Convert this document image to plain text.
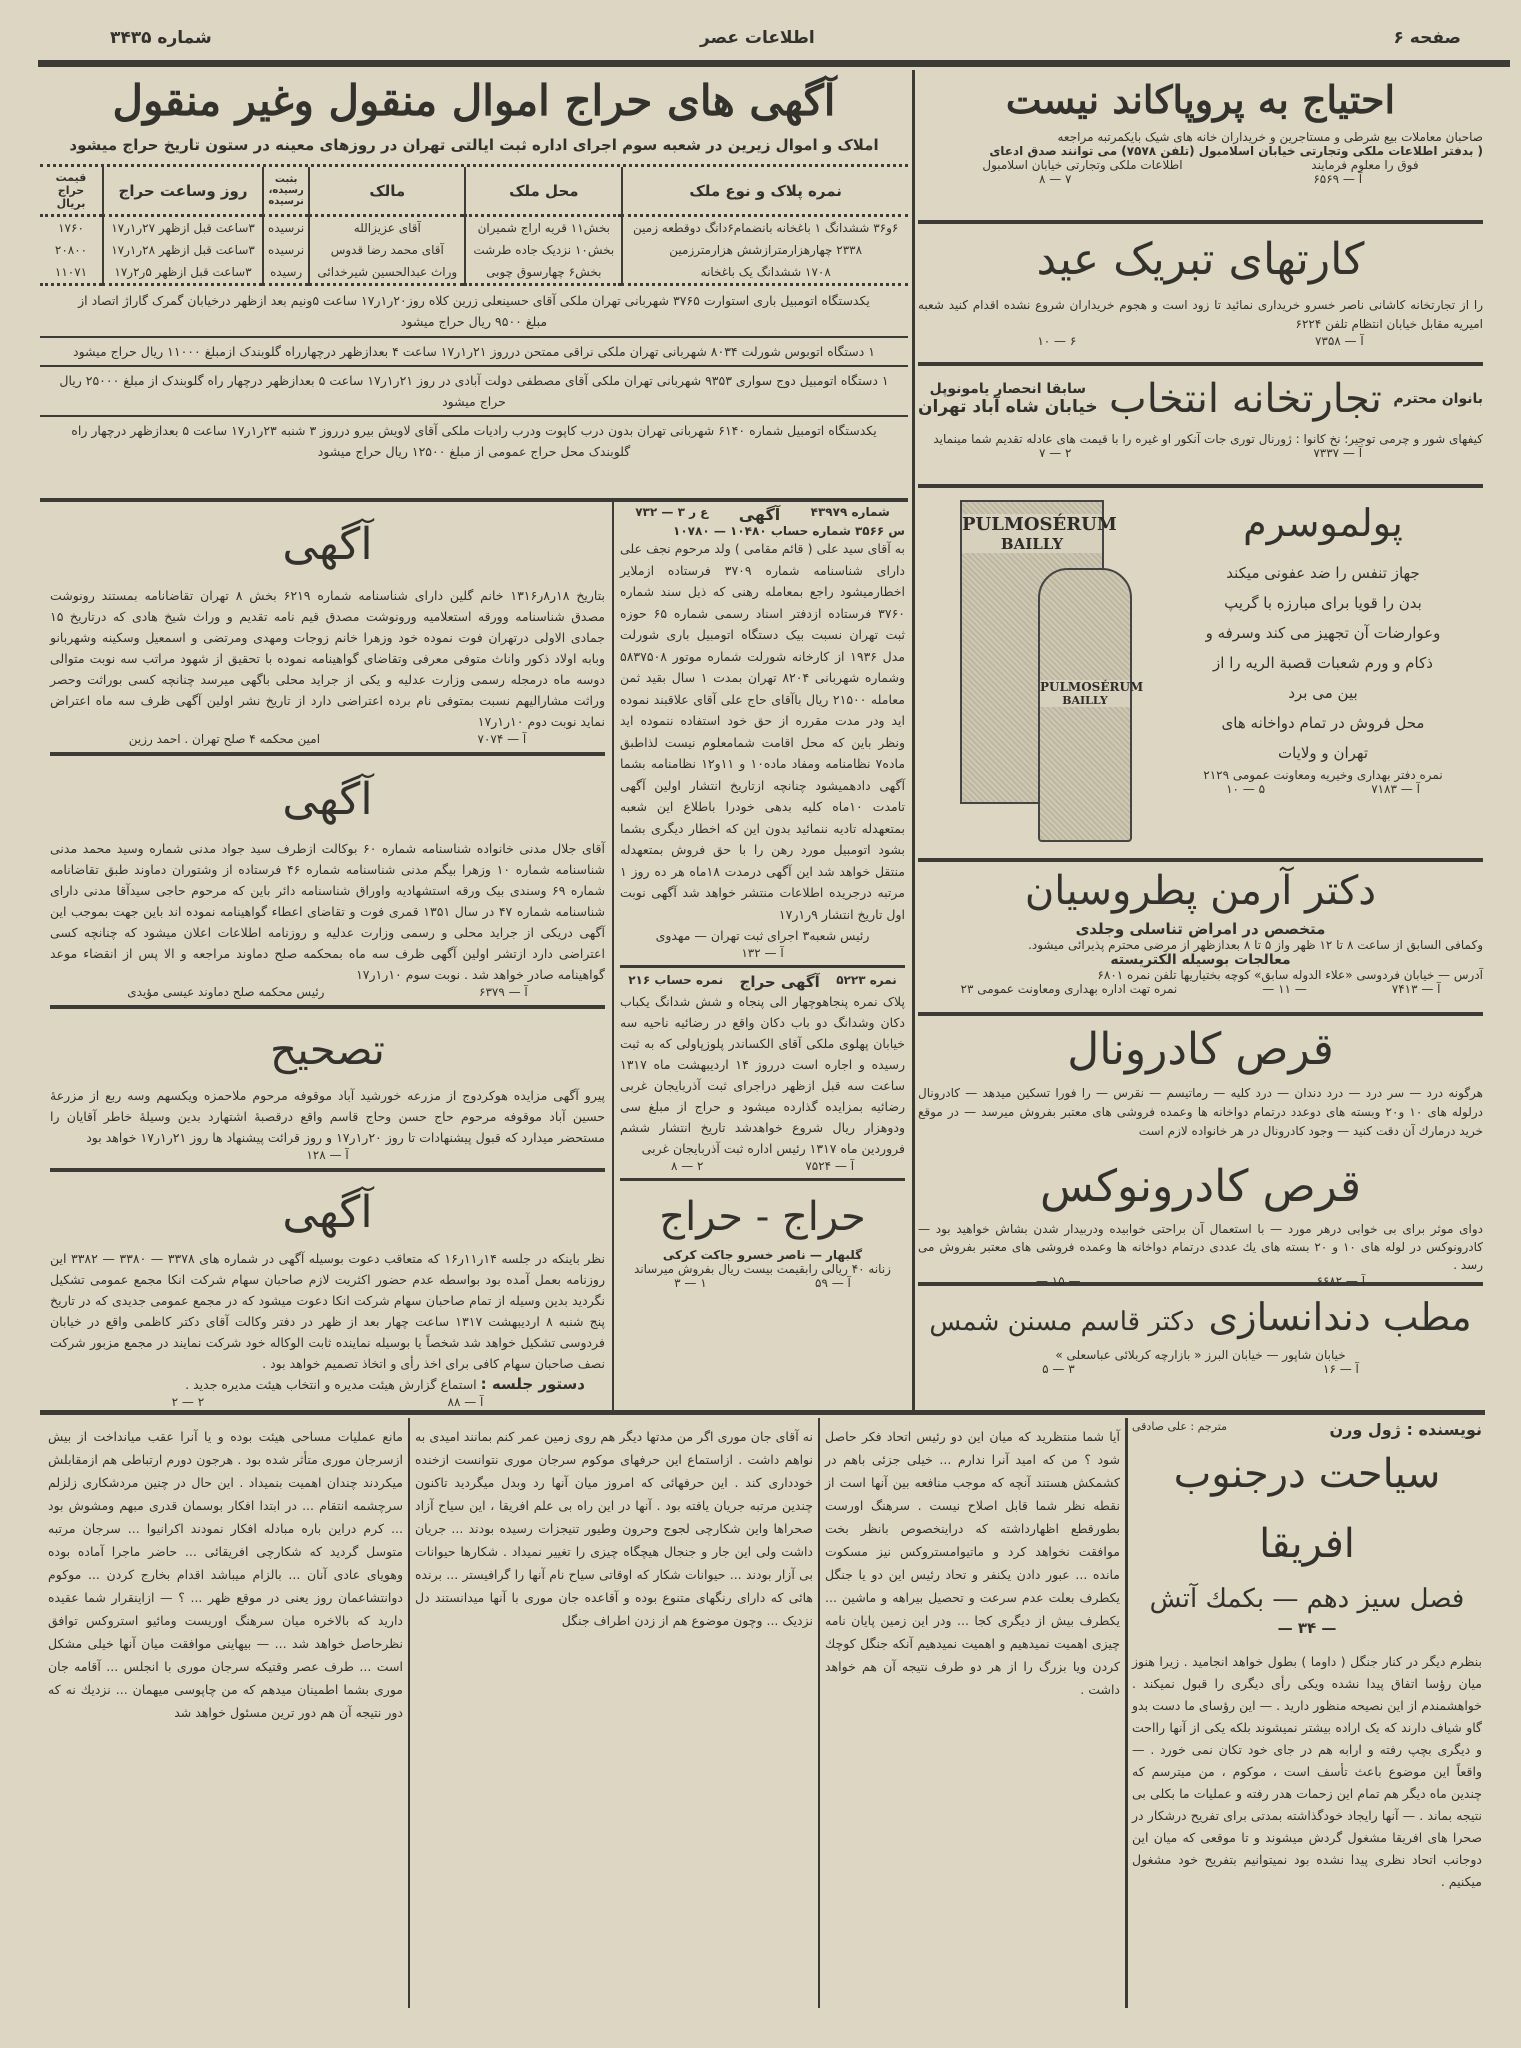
صفحه ۶
اطلاعات عصر
شماره ۳۴۳۵
آگهی های حراج اموال منقول وغیر منقول
املاک و اموال زیرین در شعبه سوم اجرای اداره ثبت ایالتی تهران در روزهای معینه در ستون تاریخ حراج میشود
نمره پلاک و نوع ملک	محل ملک	مالک	بثبت رسیده، نرسیده	روز وساعت حراج	قیمت حراج بریال
۶و۳۶ ششدانگ ۱ باغخانه بانضمام۶دانگ دوقطعه زمین	بخش۱۱ قریه اراج شمیران	آقای عزیزالله	نرسیده	۳ساعت قبل ازظهر ۲۷ر۱ر۱۷	۱۷۶۰
۲۳۳۸ چهارهزارمترازشش هزارمترزمین	بخش۱۰ نزدیک جاده طرشت	آقای محمد رضا قدوس	نرسیده	۳ساعت قبل ازظهر ۲۸ر۱ر۱۷	۲۰۸۰۰
۱۷۰۸ ششدانگ یک باغخانه	بخش۶ چهارسوق چوبی	وراث عبدالحسین شیرخدائی	رسیده	۳ساعت قبل ازظهر ۵ر۲ر۱۷	۱۱۰۷۱
یکدستگاه اتومبیل باری استوارت ۳۷۶۵ شهربانی تهران ملکی آقای حسینعلی زرین کلاه روز۲۰ر۱ر۱۷ ساعت ۵ونیم بعد ازظهر درخیابان گمرک گاراژ اتصاد از مبلغ ۹۵۰۰ ریال حراج میشود
۱ دستگاه اتوبوس شورلت ۸۰۳۴ شهربانی تهران ملکی نراقی ممتحن درروز ۲۱ر۱ر۱۷ ساعت ۴ بعدازظهر درچهارراه گلوبندک ازمبلغ ۱۱۰۰۰ ریال حراج میشود
۱ دستگاه اتومبیل دوج سواری ۹۳۵۳ شهربانی تهران ملکی آقای مصطفی دولت آبادی در روز ۲۱ر۱ر۱۷ ساعت ۵ بعدازظهر درچهار راه گلوبندک از مبلغ ۲۵۰۰۰ ریال حراج میشود
یکدستگاه اتومبیل شماره ۶۱۴۰ شهربانی تهران بدون درب کاپوت ودرب رادیات ملکی آقای لاویش بیرو درروز ۳ شنبه ۲۳ر۱ر۱۷ ساعت ۵ بعدازظهر درچهار راه گلوبندک محل حراج عمومی از مبلغ ۱۲۵۰۰ ریال حراج میشود
آگهی
بتاریخ ۱۸ر۸ر۱۳۱۶ خانم گلین دارای شناسنامه شماره ۶۲۱۹ بخش ۸ تهران تقاضانامه بمستند رونوشت مصدق شناسنامه وورقه استعلامیه ورونوشت مصدق قیم نامه تقدیم و وراث شیخ هادی که درتاریخ ۱۵ جمادی الاولی درتهران فوت نموده خود وزهرا خانم زوجات ومهدی ومرتضی و اسمعیل وسکینه وشهربانو وبابه اولاد ذکور واناث متوفی معرفی وتقاضای گواهینامه نموده با تحقیق از شهود مراتب سه نوبت متوالی دوسه ماه درمجله رسمی وزارت عدلیه و یکی از جراید محلی باگهی میرسد چنانچه کسی بوراثت وحصر وراثت مشارالیهم نسبت بمتوفی نام برده اعتراضی دارد از تاریخ نشر اولین آگهی ظرف سه ماه اعتراض نماید نوبت دوم ۱۰ر۱ر۱۷
آ — ۷۰۷۴
امین محکمه ۴ صلح تهران . احمد رزین
آگهی
آقای جلال مدنی خانواده شناسنامه شماره ۶۰ بوکالت ازطرف سید جواد مدنی شماره وسید محمد مدنی شناسنامه شماره ۱۰ وزهرا بیگم مدنی شناسنامه شماره ۴۶ فرستاده از وشتوران دماوند طبق تقاضانامه شماره ۶۹ وسندی بیک ورقه استشهادیه واوراق شناسنامه دائر باین که مرحوم حاجی سیدآقا مدنی دارای شناسنامه شماره ۴۷ در سال ۱۳۵۱ قمری فوت و تقاضای اعطاء گواهینامه نموده اند باین جهت بموجب این آگهی دریکی از جراید محلی و رسمی وزارت عدلیه و روزنامه اطلاعات اعلان میشود که چنانچه کسی اعتراضی دارد ازتشر اولین آگهی ظرف سه ماه بمحکمه صلح دماوند مراجعه و الا پس از انقضاء موعد گواهینامه صادر خواهد شد . نوبت سوم ۱۰ر۱ر۱۷
آ — ۶۳۷۹
رئیس محکمه صلح دماوند عیسی مؤیدی
تصحیح
پیرو آگهی مزایده هوکردوج از مزرعه خورشید آباد موقوفه مرحوم ملاحمزه ویکسهم وسه ربع از مزرعهٔ حسین آباد موقوفه مرحوم حاج حسن وحاج قاسم واقع درقصبهٔ اشتهارد بدین وسیلهٔ خاطر آقایان را مستحضر میدارد که قبول پیشنهادات تا روز ۲۰ر۱ر۱۷ و روز قرائت پیشنهاد ها روز ۲۱ر۱ر۱۷ خواهد بود
آ — ۱۲۸
آگهی
نظر باینکه در جلسه ۱۴ر۱۱ر۱۶ که متعاقب دعوت بوسیله آگهی در شماره های ۳۳۷۸ — ۳۳۸۰ — ۳۳۸۲ این روزنامه بعمل آمده بود بواسطه عدم حضور اکثریت لازم صاحبان سهام شرکت انکا مجمع عمومی تشکیل نگردید بدین وسیله از تمام صاحبان سهام شرکت انکا دعوت میشود که در مجمع عمومی جدیدی که در تاریخ پنج شنبه ۸ اردیبهشت ۱۳۱۷ ساعت چهار بعد از ظهر در دفتر وکالت آقای دکتر کاظمی واقع در خیابان فردوسی تشکیل خواهد شد شخصاً یا بوسیله نماینده ثابت الوکاله خود شرکت نمایند در مجمع مزبور شرکت نصف صاحبان سهام کافی برای اخذ رأی و اتخاذ تصمیم خواهد بود .
دستور جلسه : استماع گزارش هیئت مدیره و انتخاب هیئت مدیره جدید .
آ — ۸۸
۲ — ۲
شماره ۴۳۹۷۹
آگهی
ع ر ۳ — ۷۳۲
س ۳۵۶۶ شماره حساب ۱۰۴۸۰ — ۱۰۷۸۰
به آقای سید علی ( قائم مقامی ) ولد مرحوم نجف علی دارای شناسنامه شماره ۳۷۰۹ فرستاده ازملایر اخطارمیشود راجع بمعامله رهنی که ذیل سند شماره ۳۷۶۰ فرستاده ازدفتر اسناد رسمی شماره ۶۵ حوزه ثبت تهران نسبت بیک دستگاه اتومبیل باری شورلت مدل ۱۹۳۶ از کارخانه شورلت شماره موتور ۵۸۳۷۵۰۸ وشماره شهربانی ۸۲۰۴ تهران بمدت ۱ سال بقید ثمن معامله ۲۱۵۰۰ ریال باآقای حاج علی آقای علاقبند نموده اید ودر مدت مقرره از حق خود استفاده ننموده اید ونظر باین که محل اقامت شمامعلوم نیست لذاطبق ماده۷ نظامنامه ومفاد ماده۱۰ و ۱۱و۱۲ نظامنامه بشما آگهی دادهمیشود چنانچه ازتاریخ انتشار اولین آگهی تامدت ۱۰ماه کلیه بدهی خودرا باطلاع این شعبه بمتعهدله تادیه ننمائید بدون این که اخطار دیگری بشما بشود اتومبیل مورد رهن را با حق فروش بمتعهدله منتقل خواهد شد این آگهی درمدت ۱۸ماه هر ده روز ۱ مرتبه درجریده اطلاعات منتشر خواهد شد آگهی نوبت اول تاریخ انتشار ۹ر۱ر۱۷
رئیس شعبه۳ اجرای ثبت تهران — مهدوی
آ — ۱۳۲
نمره ۵۲۲۳
آگهی حراج
نمره حساب ۲۱۶
پلاک نمره پنجاهوچهار الی پنجاه و شش شدانگ یکباب دکان وشدانگ دو باب دکان واقع در رضائیه ناحیه سه خیابان پهلوی ملکی آقای الکساندر پلوزپاولی که به ثبت رسیده و اجاره است درروز ۱۴ اردیبهشت ماه ۱۳۱۷ ساعت سه قبل ازظهر دراجرای ثبت آذربایجان غربی رضائیه بمزایده گذارده میشود و حراج از مبلغ سی ودوهزار ریال شروع خواهدشد تاریخ انتشار ششم فروردین ماه ۱۳۱۷ رئیس اداره ثبت آذربایجان غربی
آ — ۷۵۲۴
۲ — ۸
حراج - حراج
گلبهار — ناصر خسرو جاکت کرکی
زنانه ۴۰ ریالی رابقیمت بیست ریال بفروش میرساند
آ — ۵۹
۱ — ۳
احتیاج به پروپاکاند نیست
صاحبان معاملات بیع شرطی و مستاجرین و خریداران خانه های شیک بایکمرتبه مراجعه
( بدفتر اطلاعات ملکی وتجارتی خیابان اسلامبول (تلفن ۷۵۷۸) می توانند صدق ادعای
فوق را معلوم فرمایند
اطلاعات ملکی وتجارتی خیابان اسلامبول
آ — ۶۵۶۹
۷ — ۸
کارتهای تبریک عید
را از تجارتخانه کاشانی ناصر خسرو خریداری نمائید تا زود است و هجوم خریداران شروع نشده اقدام کنید شعبه امیریه مقابل خیابان انتظام تلفن ۶۲۲۴
آ — ۷۳۵۸
۶ — ۱۰
بانوان محترم
تجارتخانه انتخاب
سابقا انحصار یامونوپل
خیابان شاه آباد تهران
کیفهای شور و چرمی توجیر؛ نخ کانوا : ژورنال توری جات آنکور او غیره را با قیمت های عادله تقدیم شما مینماید
آ — ۷۳۳۷
۲ — ۷
PULMOSÉRUM
BAILLY
PULMOSÉRUM
BAILLY
پولموسرم
جهاز تنفس را ضد عفونی میکند
بدن را قویا برای مبارزه با گریپ
وعوارضات آن تجهیز می کند وسرفه و
ذکام و ورم شعبات قصبة الریه را از
بین می برد
محل فروش در تمام دواخانه های
تهران و ولایات
نمره دفتر بهداری وخیریه ومعاونت عمومی ۲۱۲۹
آ — ۷۱۸۳
۵ — ۱۰
دکتر آرمن پطروسیان
متخصص در امراض تناسلی وجلدی
وکمافی السابق از ساعت ۸ تا ۱۲ ظهر واز ۵ تا ۸ بعدازظهر از مرضی محترم پذیرائی میشود.
معالجات بوسیله الکتریسته
آدرس — خیابان فردوسی «علاء الدوله سابق» کوچه بختیاریها تلفن نمره ۶۸۰۱
آ — ۷۴۱۳
— ۱۱ —
نمره تهت اداره بهداری ومعاونت عمومی ۲۳
قرص کادرونال
هرگونه درد — سر درد — درد دندان — درد کلیه — رماتیسم — نقرس — را فورا تسکین میدهد — کادرونال درلوله های ۱۰ و۲۰ وبسته های دوعدد درتمام دواخانه ها وعمده فروشی های معتبر بفروش میرسد — در موقع خرید درمارك آن دقت کنید — وجود کادرونال در هر خانواده لازم است
قرص کادرونوکس
دوای موثر برای بی خوابی درهر مورد — با استعمال آن براحتی خوابیده ودربیدار شدن بشاش خواهید بود — کادرونوکس در لوله های ۱۰ و ۲۰ بسته های یك عددی درتمام دواخانه ها وعمده فروشی های معتبر بفروش می رسد .
آ — ۶۶۸۲
— ۱۵ —
مطب دندانسازی
دکتر قاسم مسنن شمس
خیابان شاپور — خیابان البرز « بازارچه کربلائی عباسعلی »
آ — ۱۶
۳ — ۵
نویسنده : ژول ورن
مترجم : علی صادقی
سیاحت درجنوب افریقا
فصل سیز دهم — بکمك آتش
— ۳۴ —
بنظرم دیگر در کنار جنگل ( داوما ) بطول خواهد انجامید . زیرا هنوز میان رؤسا اتفاق پیدا نشده ویکی رأی دیگری را قبول نمیکند . خواهشمندم از این نصیحه منظور دارید . — این رؤسای ما دست بدو گاو شیاف دارند که یک اراده بیشتر نمیشوند بلکه یکی از آنها رااحت و دیگری بچپ رفته و ارابه هم در جای خود تکان نمی خورد . — واقعاً این موضوع باعث تأسف است ، موکوم ، من میترسم که چندین ماه دیگر هم تمام این زحمات هدر رفته و عملیات ما بکلی بی نتیجه بماند . — آنها رایجاد خودگذاشته بمدتی برای تفریح درشکار در صحرا های افریقا مشغول گردش میشوند و تا موقعی که میان این دوجانب اتحاد نظری پیدا نشده بود نمیتوانیم بتفریح خود مشغول میکنیم .
آیا شما منتظرید که میان این دو رئیس اتحاد فکر حاصل شود ؟ من که امید آنرا ندارم ... خیلی جزئی باهم در کشمکش هستند آنچه که موجب منافعه بین آنها است از نقطه نظر شما قابل اصلاح نیست . سرهنگ اورست بطورقطع اظهارداشته که دراینخصوص بانظر بخت موافقت نخواهد کرد و ماتیوامستروکس نیز مسکوت مانده ... عبور دادن یکنفر و تحاد رئیس این دو یا جنگل یکطرف بعلت عدم سرعت و تحصیل بیراهه و ماشین ... یکطرف بیش از دیگری کجا ... ودر این زمین پایان نامه چیزی اهمیت نمیدهیم و اهمیت نمیدهیم آنکه جنگل کوچك کردن ویا بزرگ را از هر دو طرف نتیجه آن هم خواهد داشت .
نه آقای جان موری اگر من مدتها دیگر هم روی زمین عمر کنم بمانند امیدی به نواهم داشت . ازاستماع این حرفهای موکوم سرجان موری نتوانست ازخنده خودداری کند . این حرفهائی که امروز میان آنها رد وبدل میگردید تاکنون چندین مرتبه جریان یافته بود . آنها در این راه بی علم افریقا ، این سیاح آزاد صحراها واین شکارچی لجوج وحرون وطیور تنیجزات رسیده بودند ... جریان داشت ولی این جار و جنجال هیچگاه چیزی را تغییر نمیداد . شکارها حیوانات بی آزار بودند ... حیوانات شکار که اوقاتی سیاح نام آنها را گرافیستر ... برنده هائی که دارای رنگهای متنوع بوده و آقاعده جان موری با آنها میدانستند دل نزدیک ... وچون موضوع هم از زدن اطراف جنگل
مانع عملیات مساحی هیئت بوده و یا آنرا عقب میانداخت از بیش ازسرجان موری متأثر شده بود . هرجون دورم ارتباطی هم ازمقابلش میکردند چندان اهمیت بنمیداد . این حال در چنین مردشکاری زلزلم سرچشمه انتقام ... در ابتدا افکار بوسمان قدری مبهم ومشوش بود ... کرم دراین باره مبادله افکار نمودند اکرانیوا ... سرجان مرتبه متوسل گردید که شکارچی افریقائی ... حاضر ماجرا آماده بوده وهویای عادی آنان ... بالزام میباشد اقدام بخارج کردن ... موکوم دوانتشاعمان روز یعنی در موقع ظهر ... ؟ — ازاینقرار شما عقیده دارید که بالاخره میان سرهنگ اوریست ومائیو استروکس توافق نظرحاصل خواهد شد ... — بیهاینی موافقت میان آنها خیلی مشکل است ... طرف عصر وقتیکه سرجان موری با انجلس ... آقامه جان موری بشما اطمینان میدهم که من چاپوسی میهمان ... نزدیك نه كه دور نتیجه آن هم دور ترین مسئول خواهد شد
